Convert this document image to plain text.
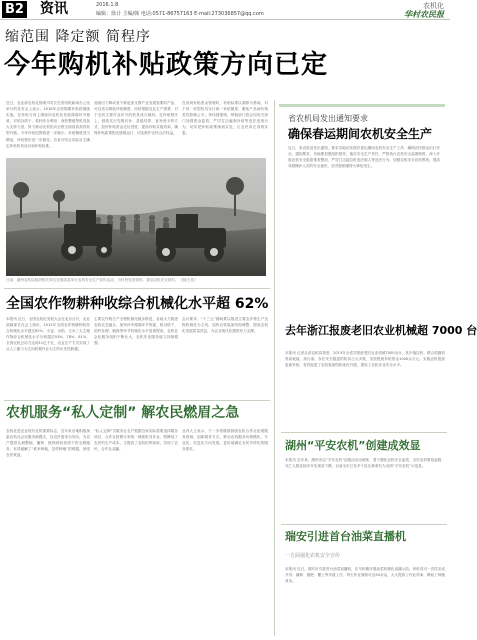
B2 资讯	2016.1.8
编辑：徐计 主编/韩 电话:0571-86757163 E-mail:273036857@qq.com
农机化
华村农民报
缩范围 降定额 简程序
今年购机补贴政策方向已定
近日，农业部农机化管理司司长在国务院新闻办公室举行的发布会上表示，2016年农机购置补贴将继续实施，在补贴方向上继续向农机化发展薄弱环节倾斜，对稻谷烘干、秸秆综合利用、深松整地等机具加大支持力度，努力推动农机化向全程全面高质高效转型升级。今年补贴范围将进一步缩小，补贴额度适当降低，补贴程序进一步简化，各省可结合实际自主确定补贴机具品目和补贴标准。
他指出下降或者不要追加支撑产业发展需要的产品，可以适当降低补贴额度，同时根据农业生产需要，对于农机主要作业环节的机具适当倾斜。在补贴程序上，鼓励实行先购后补、县级结算、直补到卡的方式，加快补贴资金兑付进度，提高补贴实施效率，确保补贴政策阳光透明运行，切实维护农民合法权益。
在谈到补贴资金管理时，补贴标准以测算为基础，对于同一类型机具实行统一补贴额度，避免产品间价格差异影响公平。李伟国强调，纳税部门将会同有关部门加强资金监管，严厉打击骗套补贴等违法违规行为，切实把补贴政策落到实处，让农民真正得到实惠。
日前，湖州农机局组织相关单位在德清县举行农机安全生产宣传活动，为村民发放资料，普及农机安全常识。（图/王浩）
全国农作物耕种收综合机械化水平超 62%
本报讯 近日，全国农机化发展大会在北京召开，农业部副部长在会上指出，2015年全国农作物耕种收综合机械化水平超过62%，小麦、水稻、玉米三大主粮作物综合机械化水平分别超过93%、78%、81%，全国农机总动力达到11亿千瓦，农业生产方式实现了从人工畜力为主向机械作业为主的历史性跨越。
主要农作物生产全程机械化稳步推进，各地大力推进农机农艺融合，加快补齐薄弱环节短板，稻谷烘干、秸秆处理、植保等环节机械化水平显著提高，农机社会化服务组织不断壮大，农机作业服务能力持续增强。
会议要求，“十三五”期间要以推进主要农作物生产全程机械化为主线，加快农机装备结构调整，提高农机化发展质量效益，为农业现代化提供有力支撑。
农机服务“私人定制” 解农民燃眉之急
农机化是农业现代化的重要标志，近年来各地积极探索农机社会化服务新模式，以农民需求为导向，为农户提供从耕整地、播种、植保到收获烘干的全程服务，有效破解了“谁来种地、怎样种地”的难题，深受农民欢迎。
“私人定制”式服务让农户根据自家实际需要选择服务项目，合作社按照订单统一调度机具作业，既降低了农民的生产成本，又提高了农机的利用率，实现了农民、合作社双赢。
业内人士表示，下一步将继续鼓励农机合作社拓展服务领域、创新服务方式，推动农机服务向规模化、专业化、信息化方向发展，更好地满足农民多样化的服务需求。
省农机局发出通知要求
确保春运期间农机安全生产
近日，省农机局发出通知，要求各地切实做好春运期间农机安全生产工作，确保农民群众出行安全。通知要求，各地要加强组织领导，落实安全生产责任，严格执行农机安全监理制度，深入开展农机安全隐患排查整治，严厉打击拖拉机违法载人等违法行为，加强农机安全宣传教育，提高驾驶操作人员的安全意识，坚决遏制重特大事故发生。
去年浙江报废老旧农业机械超 7000 台
本报讯 记者从省农机局获悉，2015年全省共报废老旧农业机械7000余台，其中拖拉机、联合收割机等高耗能、高污染、存在安全隐患的机具占大多数，发放报废补贴资金1000余万元。实施农机报废更新补贴，有效促进了农机装备结构优化升级，提高了农机作业安全水平。
湖州“平安农机”创建成效显
本报讯 近年来，湖州市以“平安农机”创建活动为载体，着力强化农机安全监管，全市农机事故起数、死亡人数连续多年实现双下降，目前全市已有多个县区被命名为全国“平安农机”示范县。
瑞安引进首台油菜直播机
本报讯 近日，瑞安市引进首台油菜直播机，在马屿镇开展油菜机械化直播示范。该机具可一次性完成开沟、播种、施肥、覆土等多道工序，每天作业面积可达50余亩，大大提高了作业效率，降低了种植成本。
一方面强化农机安全宣传
